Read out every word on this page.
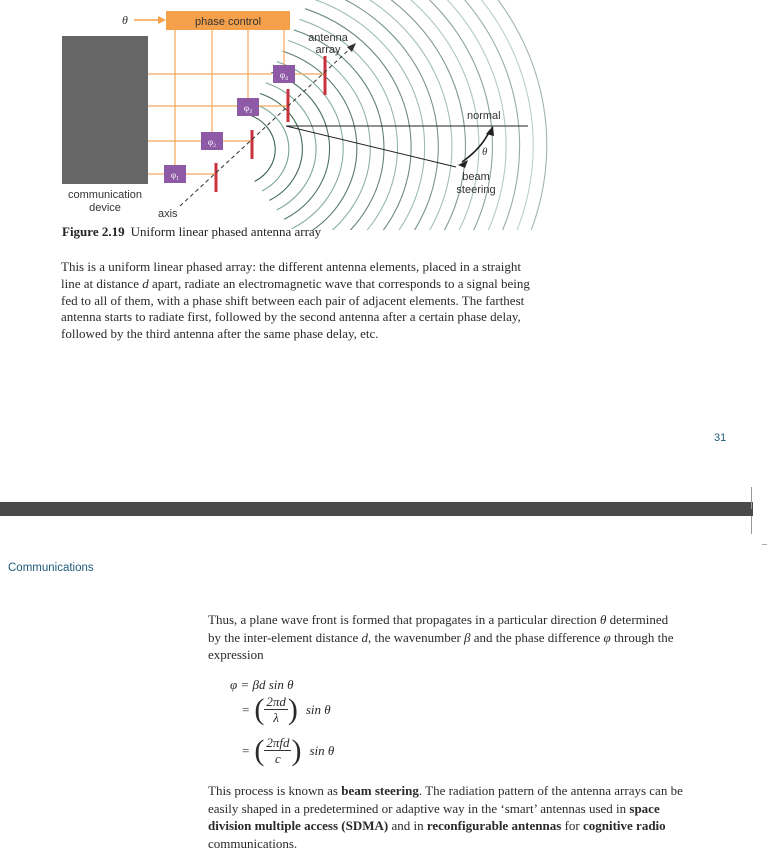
phase control
θ
φ₁
φ₂
φ₃
φ₄
normal
θ
beam
steering
antenna
array
communication
device	axis
Figure 2.19 Uniform linear phased antenna array
This is a uniform linear phased array: the different antenna elements, placed in a straight line at distance d apart, radiate an electromagnetic wave that corresponds to a signal being fed to all of them, with a phase shift between each pair of adjacent elements. The farthest antenna starts to radiate first, followed by the second antenna after a certain phase delay, followed by the third antenna after the same phase delay, etc.
31
Communications
Thus, a plane wave front is formed that propagates in a particular direction θ determined by the inter-element distance d, the wavenumber β and the phase difference φ through the expression
φ = βd sin θ
= ( $\frac{2\pi d}{\lambda}$ ) sin θ
= ( $\frac{\text{2πfd}}{c}$ ) sin θ
This process is known as beam steering. The radiation pattern of the antenna arrays can be easily shaped in a predetermined or adaptive way in the ‘smart’ antennas used in space division multiple access (SDMA) and in reconfigurable antennas for cognitive radio communications.
